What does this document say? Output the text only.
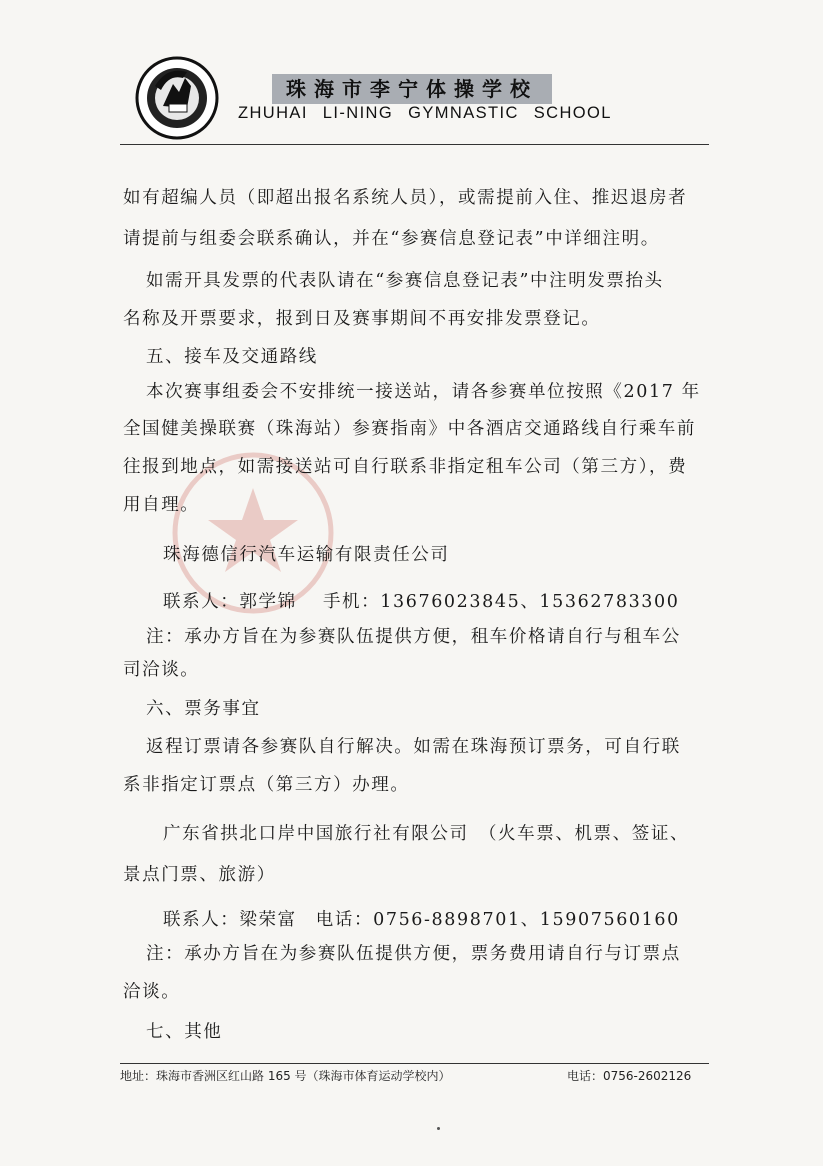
珠海市李宁体操学校
ZHUHAI LI-NING GYMNASTIC SCHOOL
如有超编人员（即超出报名系统人员），或需提前入住、推迟退房者
请提前与组委会联系确认，并在“参赛信息登记表”中详细注明。
如需开具发票的代表队请在“参赛信息登记表”中注明发票抬头
名称及开票要求，报到日及赛事期间不再安排发票登记。
五、接车及交通路线
本次赛事组委会不安排统一接送站，请各参赛单位按照《2017 年
全国健美操联赛（珠海站）参赛指南》中各酒店交通路线自行乘车前
往报到地点，如需接送站可自行联系非指定租车公司（第三方），费
用自理。
珠海德信行汽车运输有限责任公司
联系人：郭学锦　 手机：13676023845、15362783300
注：承办方旨在为参赛队伍提供方便，租车价格请自行与租车公
司洽谈。
六、票务事宜
返程订票请各参赛队自行解决。如需在珠海预订票务，可自行联
系非指定订票点（第三方）办理。
广东省拱北口岸中国旅行社有限公司　（火车票、机票、签证、
景点门票、旅游）
联系人：梁荣富　电话：0756-8898701、15907560160
注：承办方旨在为参赛队伍提供方便，票务费用请自行与订票点
洽谈。
七、其他
地址：珠海市香洲区红山路 165 号（珠海市体育运动学校内）	电话：0756-2602126
